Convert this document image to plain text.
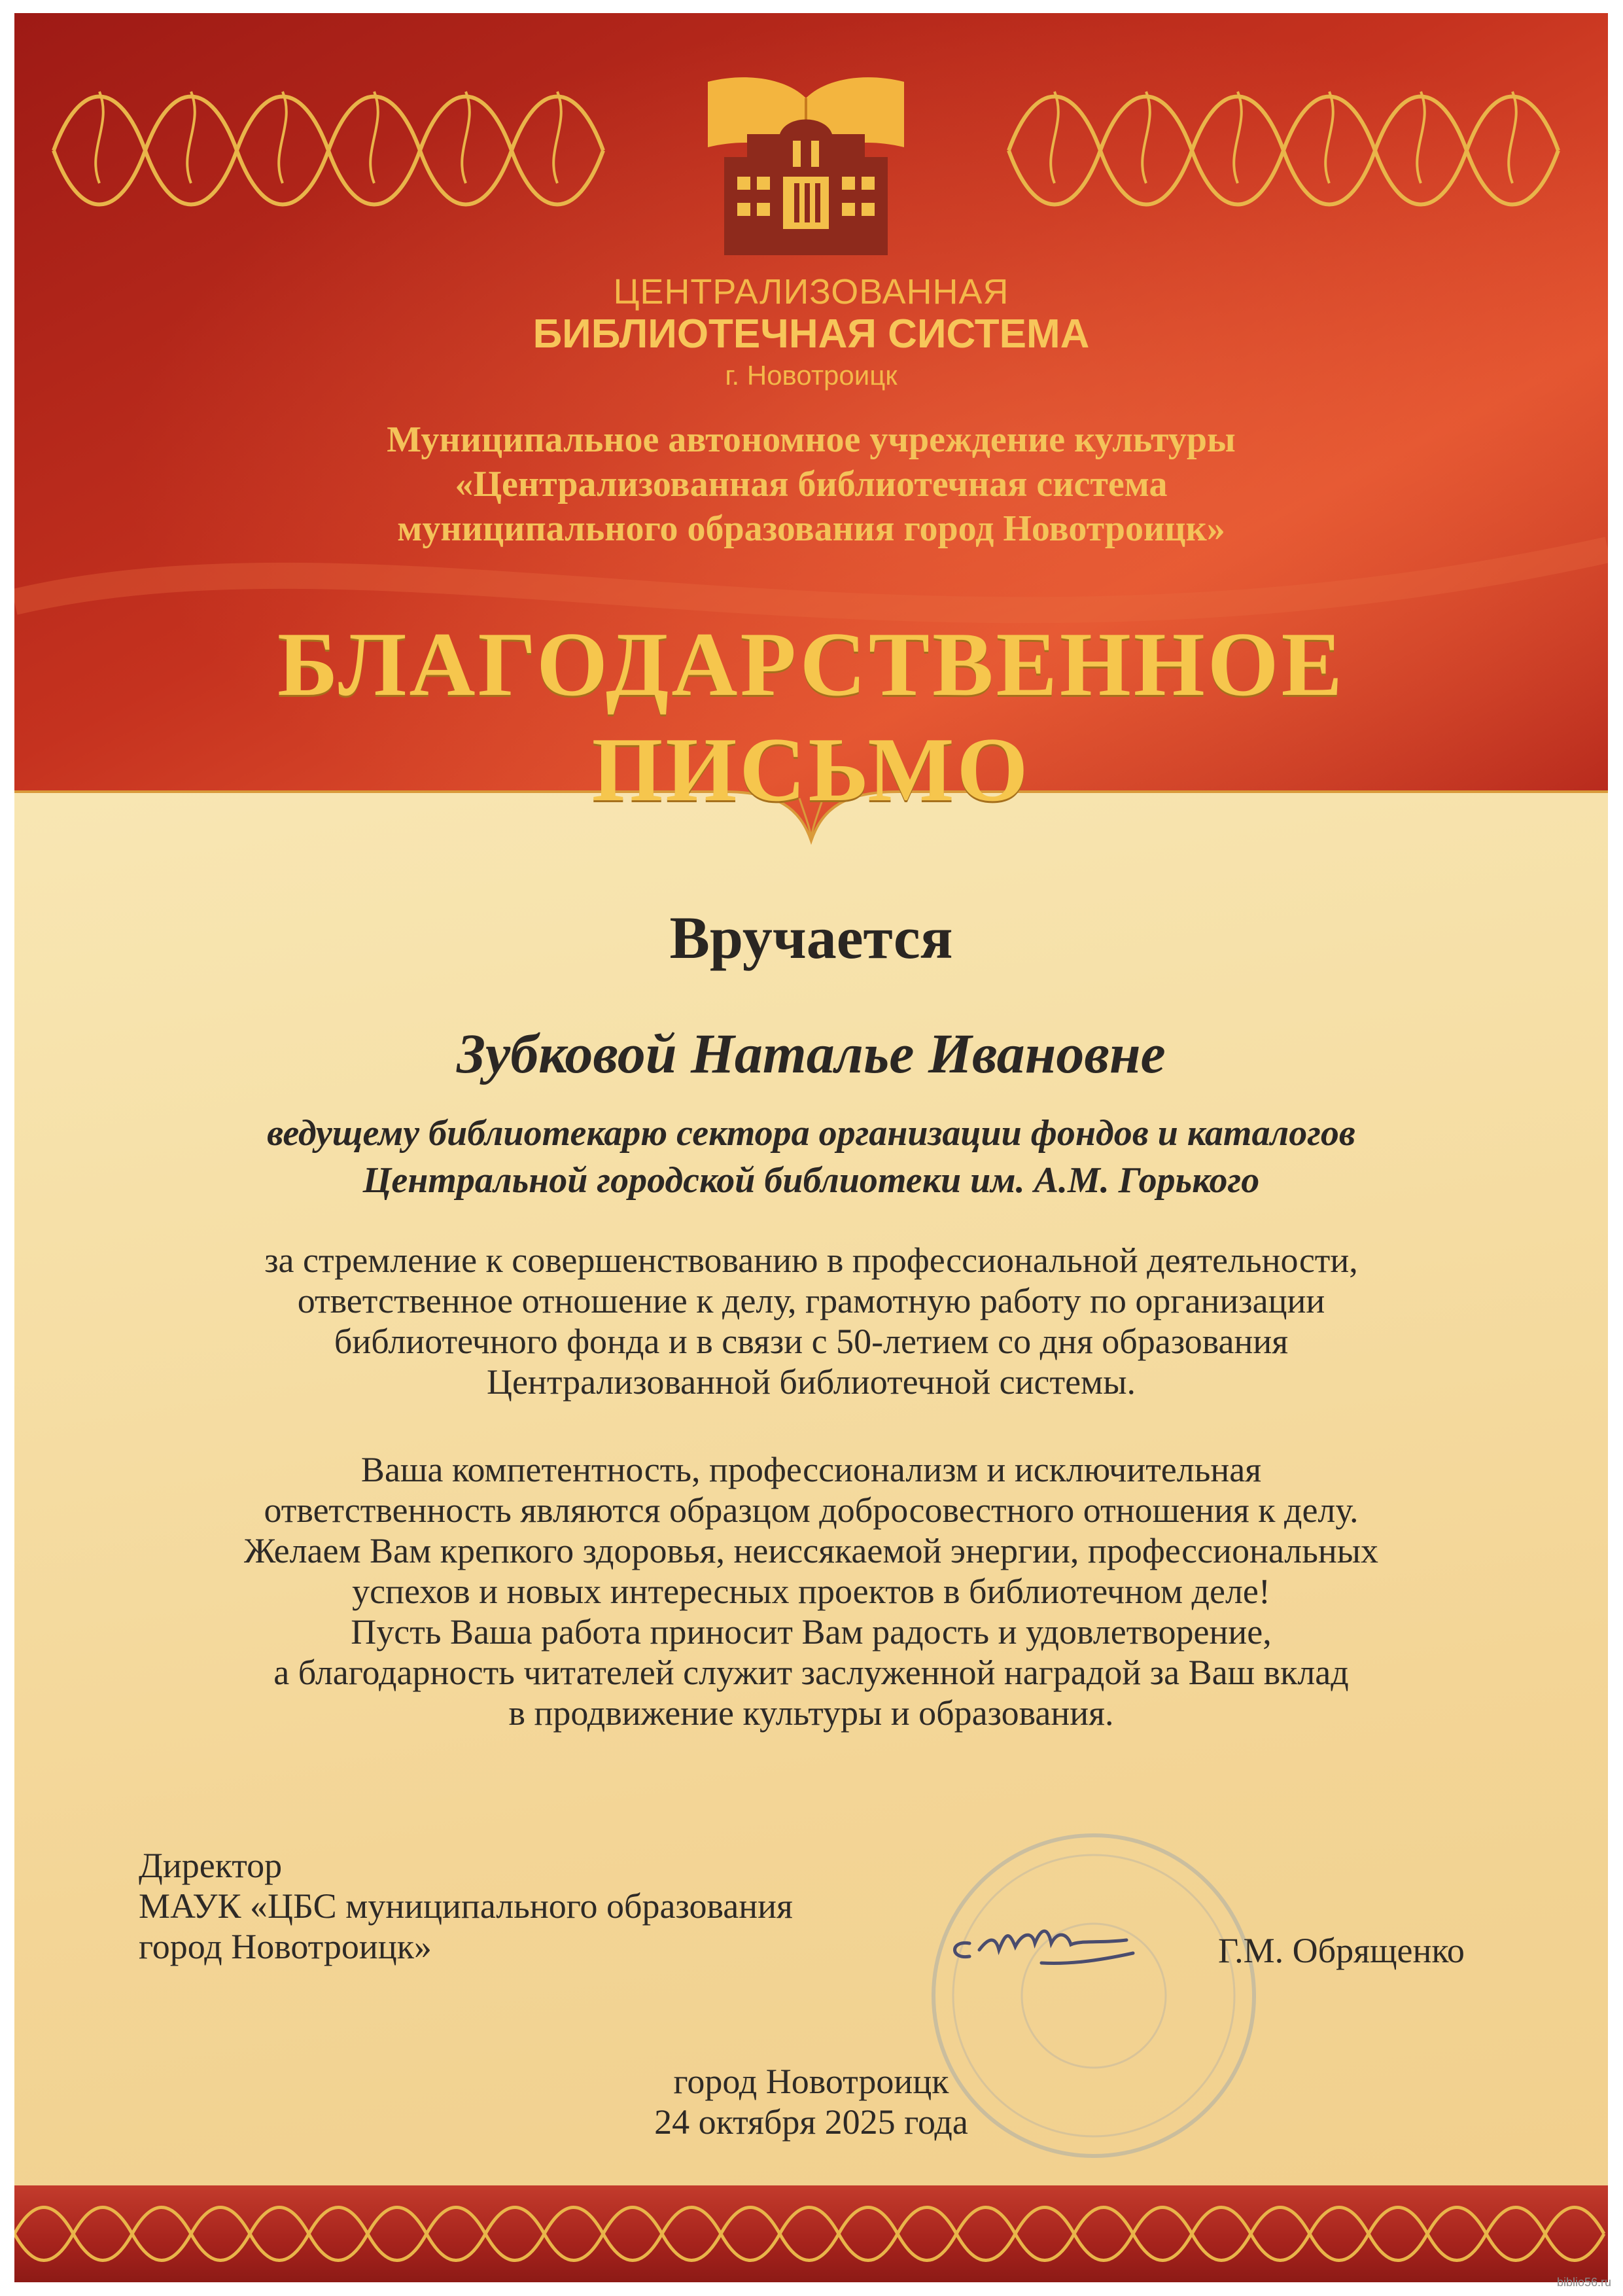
ЦЕНТРАЛИЗОВАННАЯ
БИБЛИОТЕЧНАЯ СИСТЕМА
г. Новотроицк
Муниципальное автономное учреждение культуры
«Централизованная библиотечная система
муниципального образования город Новотроицк»
БЛАГОДАРСТВЕННОЕ ПИСЬМО
Вручается
Зубковой Наталье Ивановне
ведущему библиотекарю сектора организации фондов и каталогов
Центральной городской библиотеки им. А.М. Горького
за стремление к совершенствованию в профессиональной деятельности,
ответственное отношение к делу, грамотную работу по организации
библиотечного фонда и в связи с 50-летием со дня образования
Централизованной библиотечной системы.
Ваша компетентность, профессионализм и исключительная
ответственность являются образцом добросовестного отношения к делу.
Желаем Вам крепкого здоровья, неиссякаемой энергии, профессиональных
успехов и новых интересных проектов в библиотечном деле!
Пусть Ваша работа приносит Вам радость и удовлетворение,
а благодарность читателей служит заслуженной наградой за Ваш вклад
в продвижение культуры и образования.
Директор
МАУК «ЦБС муниципального образования
город Новотроицк»	Г.М. Обрященко
город Новотроицк
24 октября 2025 года
biblio56.ru
